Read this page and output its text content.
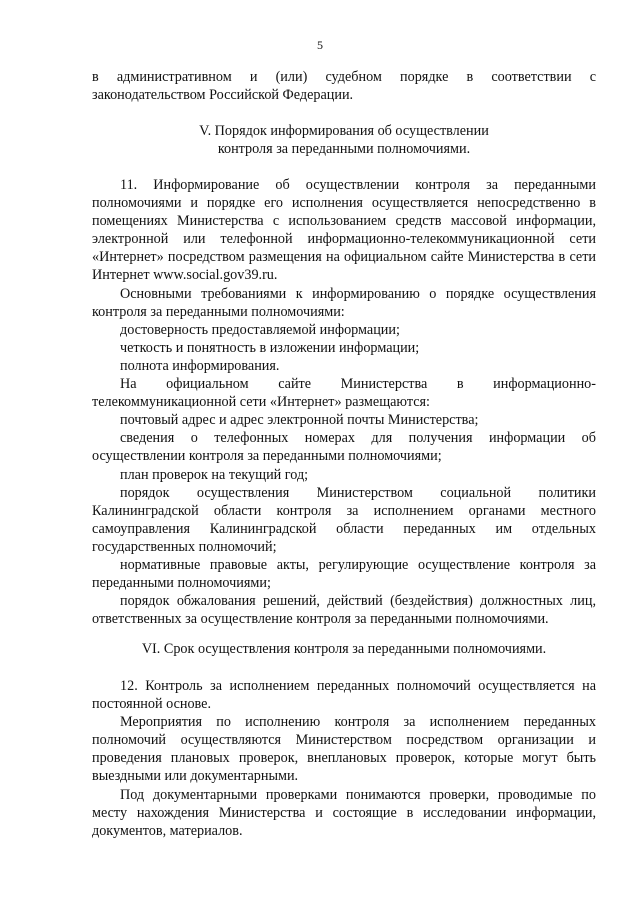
5

в административном и (или) судебном порядке в соответствии с законодательством Российской Федерации.

V. Порядок информирования об осуществлении
контроля за переданными полномочиями.

11. Информирование об осуществлении контроля за переданными полномочиями и порядке его исполнения осуществляется непосредственно в помещениях Министерства с использованием средств массовой информации, электронной или телефонной информационно-телекоммуникационной сети «Интернет» посредством размещения на официальном сайте Министерства в сети Интернет www.social.gov39.ru.

Основными требованиями к информированию о порядке осуществления контроля за переданными полномочиями:

достоверность предоставляемой информации;

четкость и понятность в изложении информации;

полнота информирования.

На официальном сайте Министерства в информационно-телекоммуникационной сети «Интернет» размещаются:

почтовый адрес и адрес электронной почты Министерства;

сведения о телефонных номерах для получения информации об осуществлении контроля за переданными полномочиями;

план проверок на текущий год;

порядок осуществления Министерством социальной политики Калининградской области контроля за исполнением органами местного самоуправления Калининградской области переданных им отдельных государственных полномочий;

нормативные правовые акты, регулирующие осуществление контроля за переданными полномочиями;

порядок обжалования решений, действий (бездействия) должностных лиц, ответственных за осуществление контроля за переданными полномочиями.

VI. Срок осуществления контроля за переданными полномочиями.

12. Контроль за исполнением переданных полномочий осуществляется на постоянной основе.

Мероприятия по исполнению контроля за исполнением переданных полномочий осуществляются Министерством посредством организации и проведения плановых проверок, внеплановых проверок, которые могут быть выездными или документарными.

Под документарными проверками понимаются проверки, проводимые по месту нахождения Министерства и состоящие в исследовании информации, документов, материалов.
